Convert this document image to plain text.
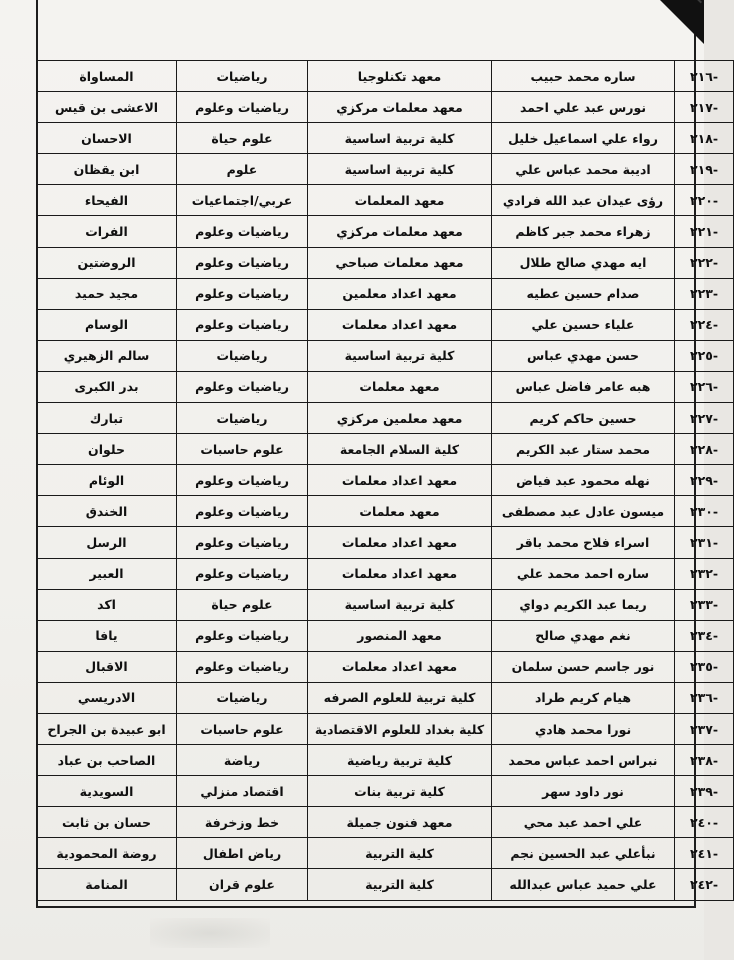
-٢١٦	ساره محمد حبيب	معهد تكنلوجيا	رياضيات	المساواة
-٢١٧	نورس عبد علي احمد	معهد معلمات مركزي	رياضيات وعلوم	الاعشى بن قيس
-٢١٨	رواء علي اسماعيل خليل	كلية تربية اساسية	علوم حياة	الاحسان
-٢١٩	اديبة محمد عباس علي	كلية تربية اساسية	علوم	ابن يقظان
-٢٢٠	رؤى عيدان عبد الله فرادي	معهد المعلمات	عربي/اجتماعيات	الفيحاء
-٢٢١	زهراء محمد جبر كاظم	معهد معلمات مركزي	رياضيات وعلوم	الفرات
-٢٢٢	ايه مهدي صالح طلال	معهد معلمات صباحي	رياضيات وعلوم	الروضتين
-٢٢٣	صدام حسين عطيه	معهد اعداد معلمين	رياضيات وعلوم	مجيد حميد
-٢٢٤	علياء حسين علي	معهد اعداد معلمات	رياضيات وعلوم	الوسام
-٢٢٥	حسن مهدي عباس	كلية تربية اساسية	رياضيات	سالم الزهيري
-٢٢٦	هبه عامر فاضل عباس	معهد معلمات	رياضيات وعلوم	بدر الكبرى
-٢٢٧	حسين حاكم كريم	معهد معلمين مركزي	رياضيات	تبارك
-٢٢٨	محمد ستار عبد الكريم	كلية السلام الجامعة	علوم حاسبات	حلوان
-٢٢٩	نهله محمود عبد فياض	معهد اعداد معلمات	رياضيات وعلوم	الوئام
-٢٣٠	ميسون عادل عبد مصطفى	معهد معلمات	رياضيات وعلوم	الخندق
-٢٣١	اسراء فلاح محمد باقر	معهد اعداد معلمات	رياضيات وعلوم	الرسل
-٢٣٢	ساره احمد محمد علي	معهد اعداد معلمات	رياضيات وعلوم	العبير
-٢٣٣	ريما عبد الكريم دواي	كلية تربية اساسية	علوم حياة	اكد
-٢٣٤	نغم مهدي صالح	معهد المنصور	رياضيات وعلوم	يافا
-٢٣٥	نور جاسم حسن سلمان	معهد اعداد معلمات	رياضيات وعلوم	الاقبال
-٢٣٦	هيام كريم طراد	كلية تربية للعلوم الصرفه	رياضيات	الادريسي
-٢٣٧	نورا محمد هادي	كلية بغداد للعلوم الاقتصادية	علوم حاسبات	ابو عبيدة بن الجراح
-٢٣٨	نبراس احمد عباس محمد	كلية تربية رياضية	رياضة	الصاحب بن عباد
-٢٣٩	نور داود سهر	كلية تربية بنات	اقتصاد منزلي	السويدية
-٢٤٠	علي احمد عبد محي	معهد فنون جميلة	خط وزخرفة	حسان بن ثابت
-٢٤١	نبأعلي عبد الحسين نجم	كلية التربية	رياض اطفال	روضة المحمودية
-٢٤٢	علي حميد عباس عبدالله	كلية التربية	علوم قران	المنامة
